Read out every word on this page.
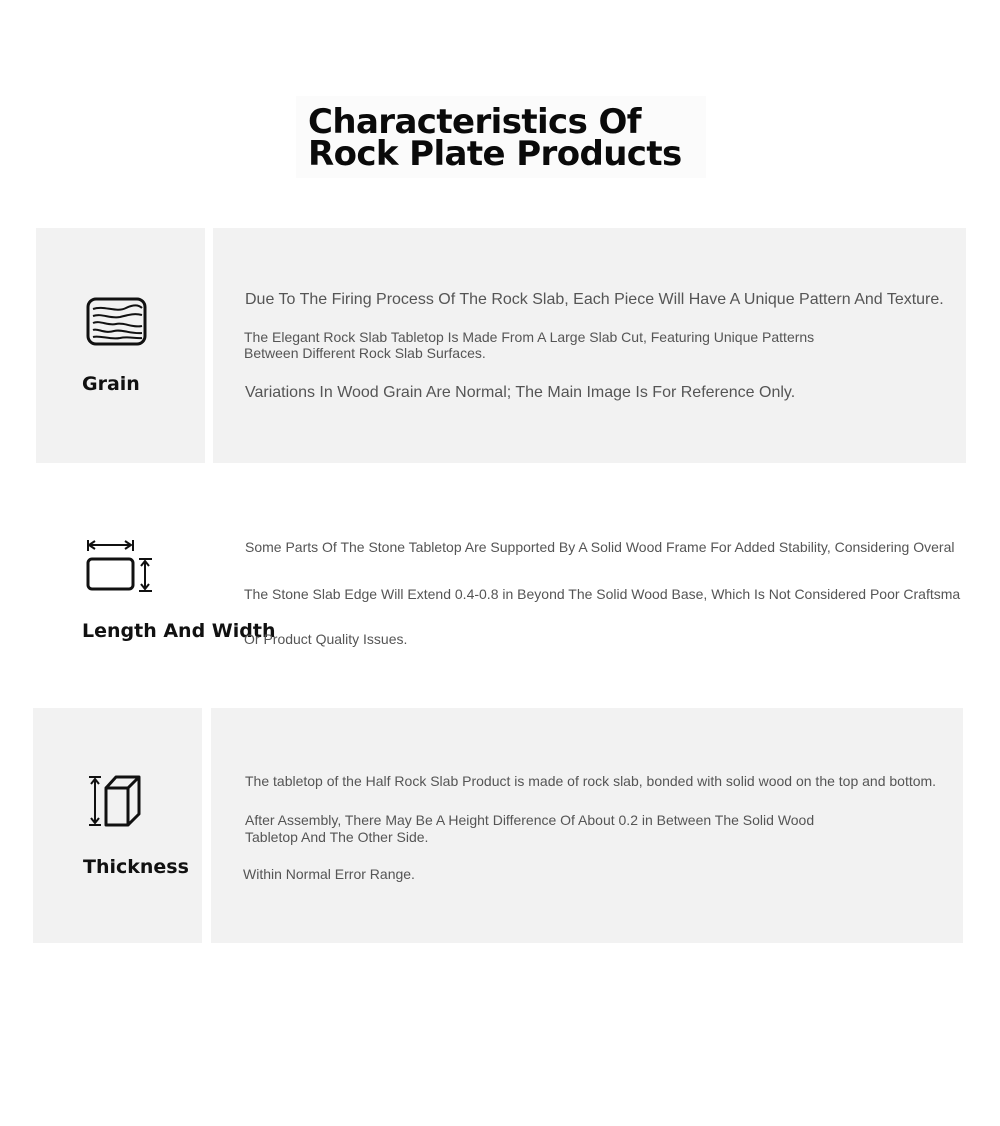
Characteristics Of
Rock Plate Products
Grain

Due To The Firing Process Of The Rock Slab, Each Piece Will Have A Unique Pattern And Texture.

The Elegant Rock Slab Tabletop Is Made From A Large Slab Cut, Featuring Unique Patterns

Between Different Rock Slab Surfaces.

Variations In Wood Grain Are Normal; The Main Image Is For Reference Only.

Length And Width

Some Parts Of The Stone Tabletop Are Supported By A Solid Wood Frame For Added Stability, Considering Overal

The Stone Slab Edge Will Extend 0.4-0.8 in Beyond The Solid Wood Base, Which Is Not Considered Poor Craftsma

Or Product Quality Issues.

Thickness

The tabletop of the Half Rock Slab Product is made of rock slab, bonded with solid wood on the top and bottom.

After Assembly, There May Be A Height Difference Of About 0.2 in Between The Solid Wood

Tabletop And The Other Side.

Within Normal Error Range.
